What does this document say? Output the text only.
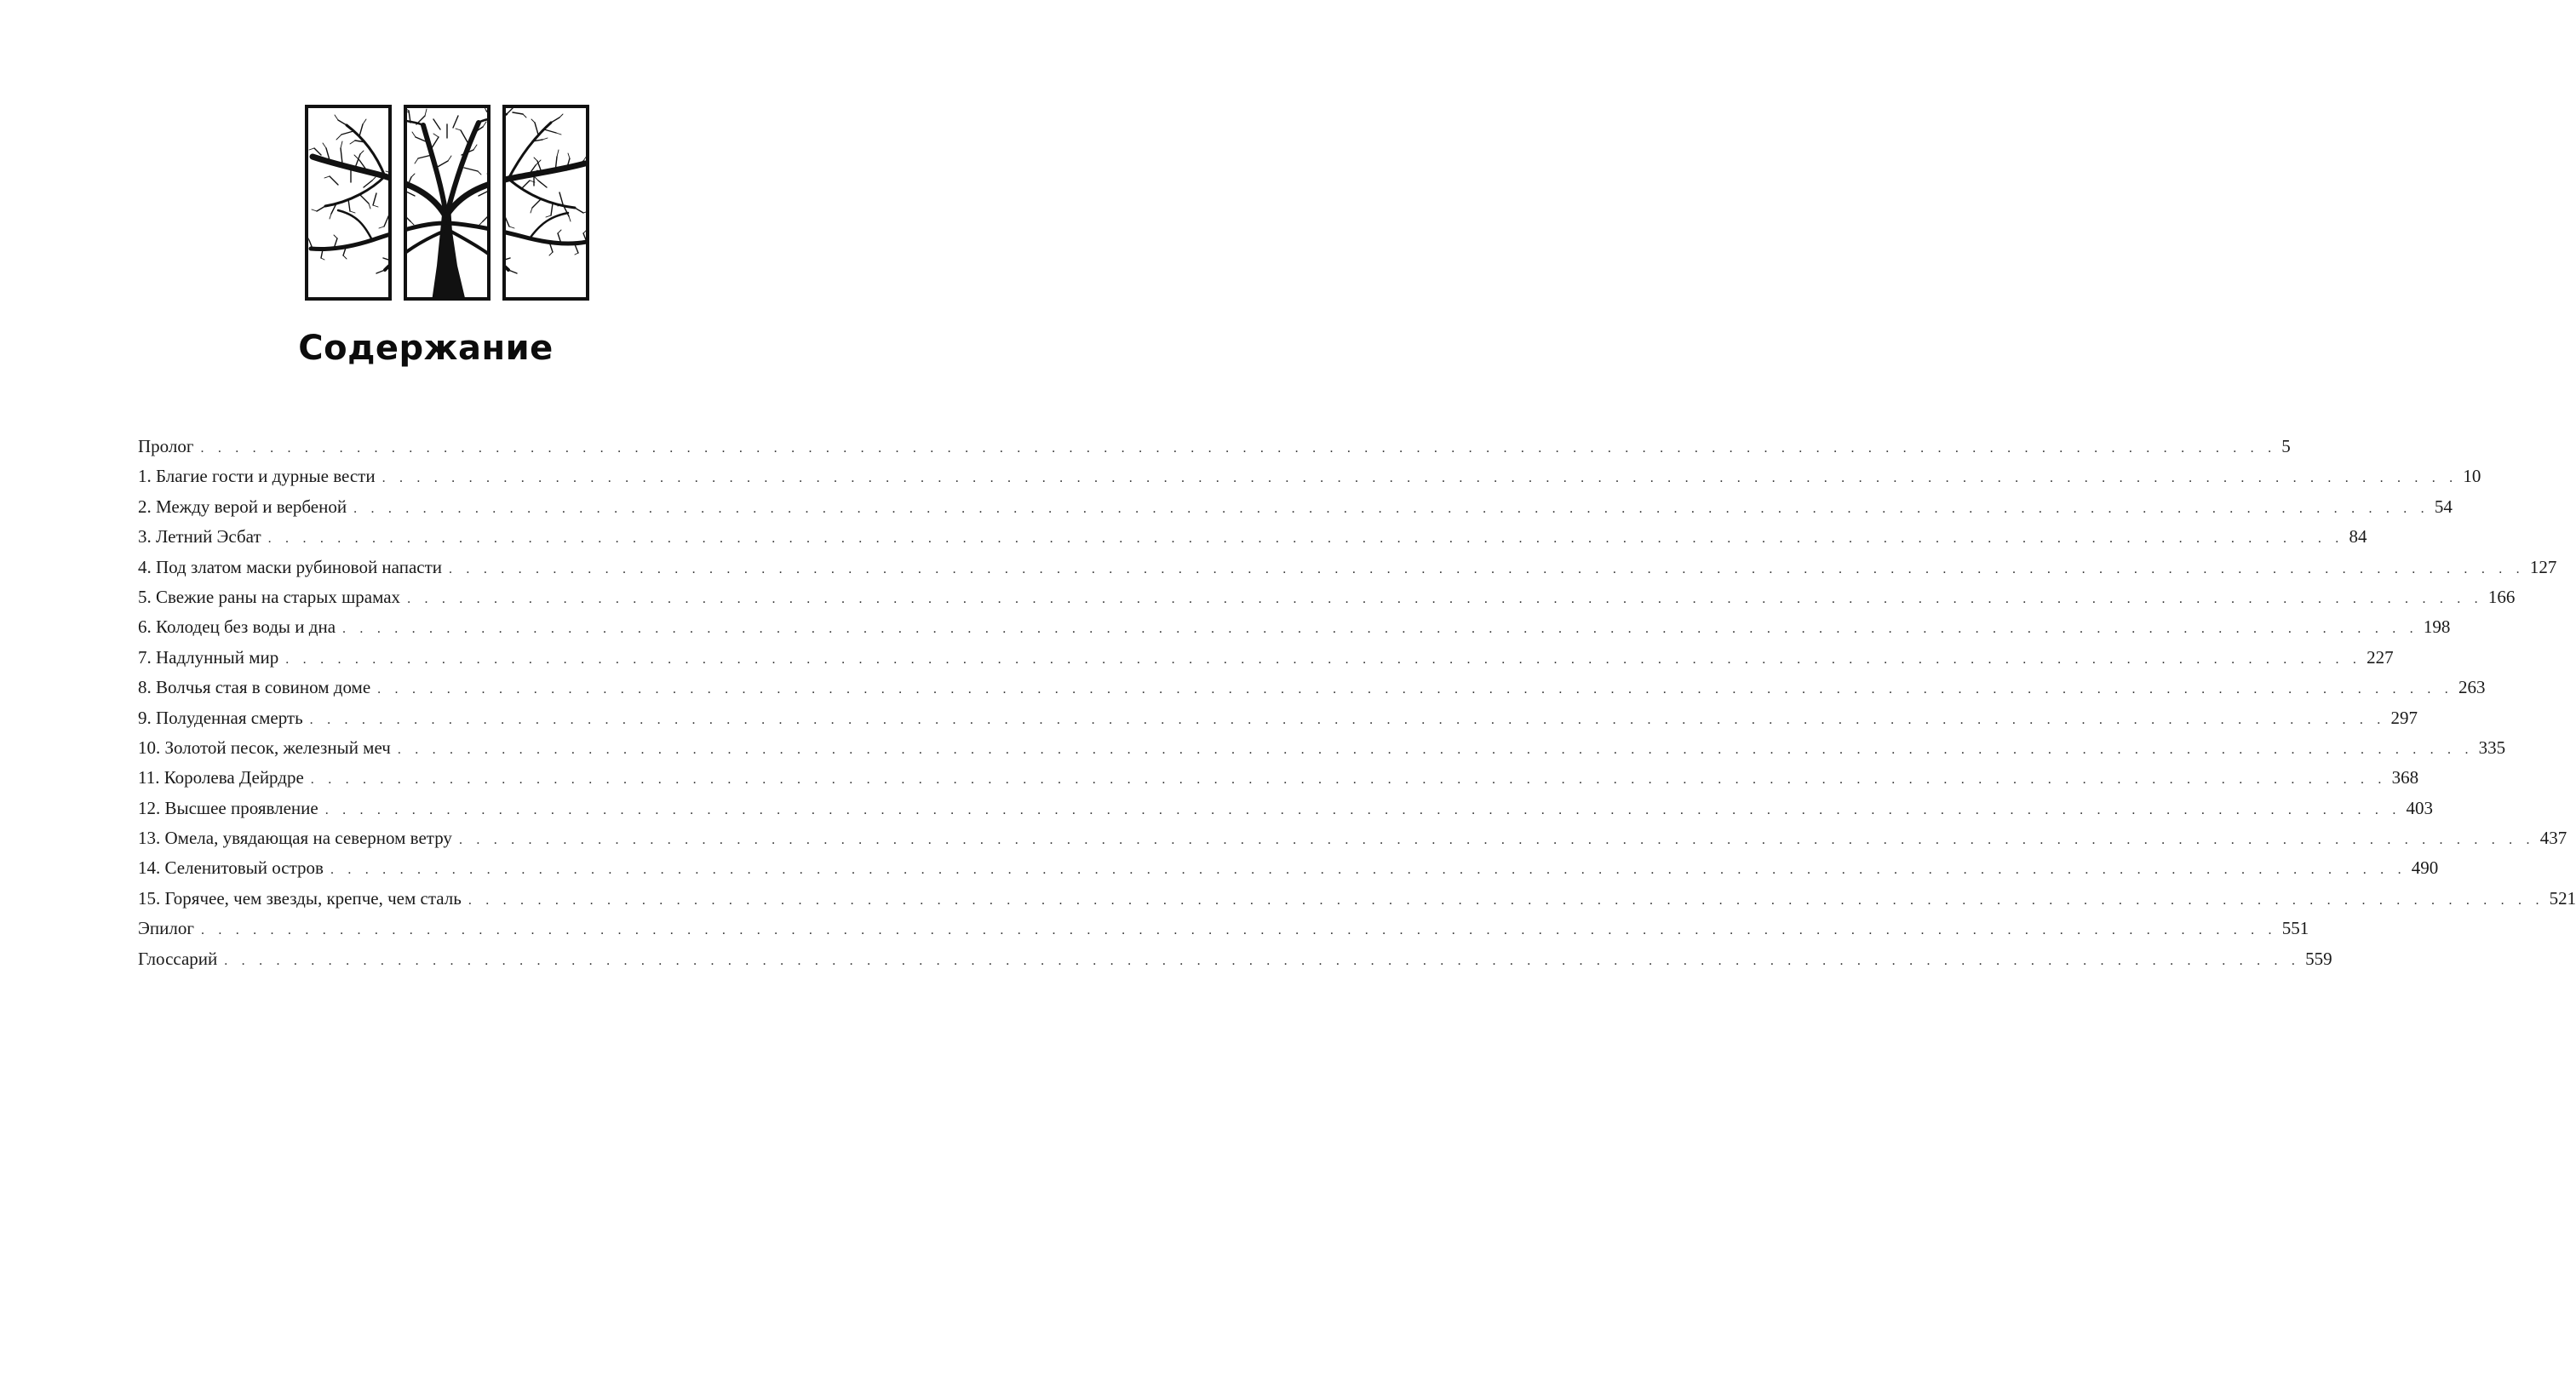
Содержание
Пролог . . . . . . . . . . . . . . . . . . . . . . . . . . . . . . . . . . . . . . . . . . . . . . . . . . . . . . . . . . . . . . . . . . . . . . . . . . . . . . . . . . . . . . . . . . . . . . . . . . . . . . . . . . . . . . . . . . . . . . . . 5
1. Благие гости и дурные вести . . . . . . . . . . . . . . . . . . . . . . . . . . . . . . . . . . . . . . . . . . . . . . . . . . . . . . . . . . . . . . . . . . . . . . . . . . . . . . . . . . . . . . . . . . . . . . . . . . . . . . . . . . . . . . . . . . . . . . . . 10
2. Между верой и вербеной . . . . . . . . . . . . . . . . . . . . . . . . . . . . . . . . . . . . . . . . . . . . . . . . . . . . . . . . . . . . . . . . . . . . . . . . . . . . . . . . . . . . . . . . . . . . . . . . . . . . . . . . . . . . . . . . . . . . . . . . 54
3. Летний Эсбат . . . . . . . . . . . . . . . . . . . . . . . . . . . . . . . . . . . . . . . . . . . . . . . . . . . . . . . . . . . . . . . . . . . . . . . . . . . . . . . . . . . . . . . . . . . . . . . . . . . . . . . . . . . . . . . . . . . . . . . . 84
4. Под златом маски рубиновой напасти . . . . . . . . . . . . . . . . . . . . . . . . . . . . . . . . . . . . . . . . . . . . . . . . . . . . . . . . . . . . . . . . . . . . . . . . . . . . . . . . . . . . . . . . . . . . . . . . . . . . . . . . . . . . . . . . . . . . . . . . 127
5. Свежие раны на старых шрамах . . . . . . . . . . . . . . . . . . . . . . . . . . . . . . . . . . . . . . . . . . . . . . . . . . . . . . . . . . . . . . . . . . . . . . . . . . . . . . . . . . . . . . . . . . . . . . . . . . . . . . . . . . . . . . . . . . . . . . . . 166
6. Колодец без воды и дна . . . . . . . . . . . . . . . . . . . . . . . . . . . . . . . . . . . . . . . . . . . . . . . . . . . . . . . . . . . . . . . . . . . . . . . . . . . . . . . . . . . . . . . . . . . . . . . . . . . . . . . . . . . . . . . . . . . . . . . . 198
7. Надлунный мир . . . . . . . . . . . . . . . . . . . . . . . . . . . . . . . . . . . . . . . . . . . . . . . . . . . . . . . . . . . . . . . . . . . . . . . . . . . . . . . . . . . . . . . . . . . . . . . . . . . . . . . . . . . . . . . . . . . . . . . . 227
8. Волчья стая в совином доме . . . . . . . . . . . . . . . . . . . . . . . . . . . . . . . . . . . . . . . . . . . . . . . . . . . . . . . . . . . . . . . . . . . . . . . . . . . . . . . . . . . . . . . . . . . . . . . . . . . . . . . . . . . . . . . . . . . . . . . . 263
9. Полуденная смерть . . . . . . . . . . . . . . . . . . . . . . . . . . . . . . . . . . . . . . . . . . . . . . . . . . . . . . . . . . . . . . . . . . . . . . . . . . . . . . . . . . . . . . . . . . . . . . . . . . . . . . . . . . . . . . . . . . . . . . . . 297
10. Золотой песок, железный меч . . . . . . . . . . . . . . . . . . . . . . . . . . . . . . . . . . . . . . . . . . . . . . . . . . . . . . . . . . . . . . . . . . . . . . . . . . . . . . . . . . . . . . . . . . . . . . . . . . . . . . . . . . . . . . . . . . . . . . . . 335
11. Королева Дейрдре . . . . . . . . . . . . . . . . . . . . . . . . . . . . . . . . . . . . . . . . . . . . . . . . . . . . . . . . . . . . . . . . . . . . . . . . . . . . . . . . . . . . . . . . . . . . . . . . . . . . . . . . . . . . . . . . . . . . . . . . 368
12. Высшее проявление . . . . . . . . . . . . . . . . . . . . . . . . . . . . . . . . . . . . . . . . . . . . . . . . . . . . . . . . . . . . . . . . . . . . . . . . . . . . . . . . . . . . . . . . . . . . . . . . . . . . . . . . . . . . . . . . . . . . . . . . 403
13. Омела, увядающая на северном ветру . . . . . . . . . . . . . . . . . . . . . . . . . . . . . . . . . . . . . . . . . . . . . . . . . . . . . . . . . . . . . . . . . . . . . . . . . . . . . . . . . . . . . . . . . . . . . . . . . . . . . . . . . . . . . . . . . . . . . . . . 437
14. Селенитовый остров . . . . . . . . . . . . . . . . . . . . . . . . . . . . . . . . . . . . . . . . . . . . . . . . . . . . . . . . . . . . . . . . . . . . . . . . . . . . . . . . . . . . . . . . . . . . . . . . . . . . . . . . . . . . . . . . . . . . . . . . 490
15. Горячее, чем звезды, крепче, чем сталь . . . . . . . . . . . . . . . . . . . . . . . . . . . . . . . . . . . . . . . . . . . . . . . . . . . . . . . . . . . . . . . . . . . . . . . . . . . . . . . . . . . . . . . . . . . . . . . . . . . . . . . . . . . . . . . . . . . . . . . . 521
Эпилог . . . . . . . . . . . . . . . . . . . . . . . . . . . . . . . . . . . . . . . . . . . . . . . . . . . . . . . . . . . . . . . . . . . . . . . . . . . . . . . . . . . . . . . . . . . . . . . . . . . . . . . . . . . . . . . . . . . . . . . . 551
Глоссарий . . . . . . . . . . . . . . . . . . . . . . . . . . . . . . . . . . . . . . . . . . . . . . . . . . . . . . . . . . . . . . . . . . . . . . . . . . . . . . . . . . . . . . . . . . . . . . . . . . . . . . . . . . . . . . . . . . . . . . . . 559
